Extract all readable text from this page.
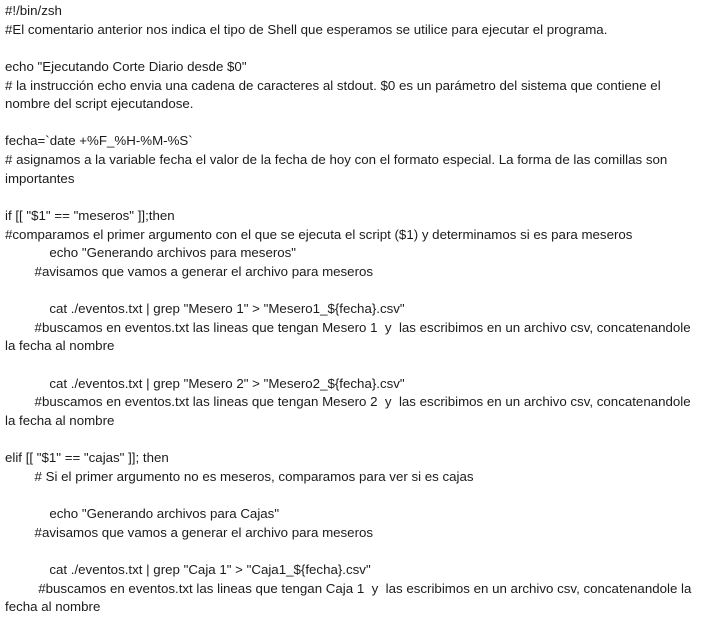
#!/bin/zsh
#El comentario anterior nos indica el tipo de Shell que esperamos se utilice para ejecutar el programa.
echo "Ejecutando Corte Diario desde $0"
# la instrucción echo envia una cadena de caracteres al stdout. $0 es un parámetro del sistema que contiene el
nombre del script ejecutandose.
fecha=`date +%F_%H-%M-%S`
# asignamos a la variable fecha el valor de la fecha de hoy con el formato especial. La forma de las comillas son
importantes
if [[ "$1" == "meseros" ]];then
#comparamos el primer argumento con el que se ejecuta el script ($1) y determinamos si es para meseros
echo "Generando archivos para meseros"
#avisamos que vamos a generar el archivo para meseros
cat ./eventos.txt | grep "Mesero 1" > "Mesero1_${fecha}.csv"
#buscamos en eventos.txt las lineas que tengan Mesero 1  y  las escribimos en un archivo csv, concatenandole
la fecha al nombre
cat ./eventos.txt | grep "Mesero 2" > "Mesero2_${fecha}.csv"
#buscamos en eventos.txt las lineas que tengan Mesero 2  y  las escribimos en un archivo csv, concatenandole
la fecha al nombre
elif [[ "$1" == "cajas" ]]; then
# Si el primer argumento no es meseros, comparamos para ver si es cajas
echo "Generando archivos para Cajas"
#avisamos que vamos a generar el archivo para meseros
cat ./eventos.txt | grep "Caja 1" > "Caja1_${fecha}.csv"
#buscamos en eventos.txt las lineas que tengan Caja 1  y  las escribimos en un archivo csv, concatenandole la
fecha al nombre
